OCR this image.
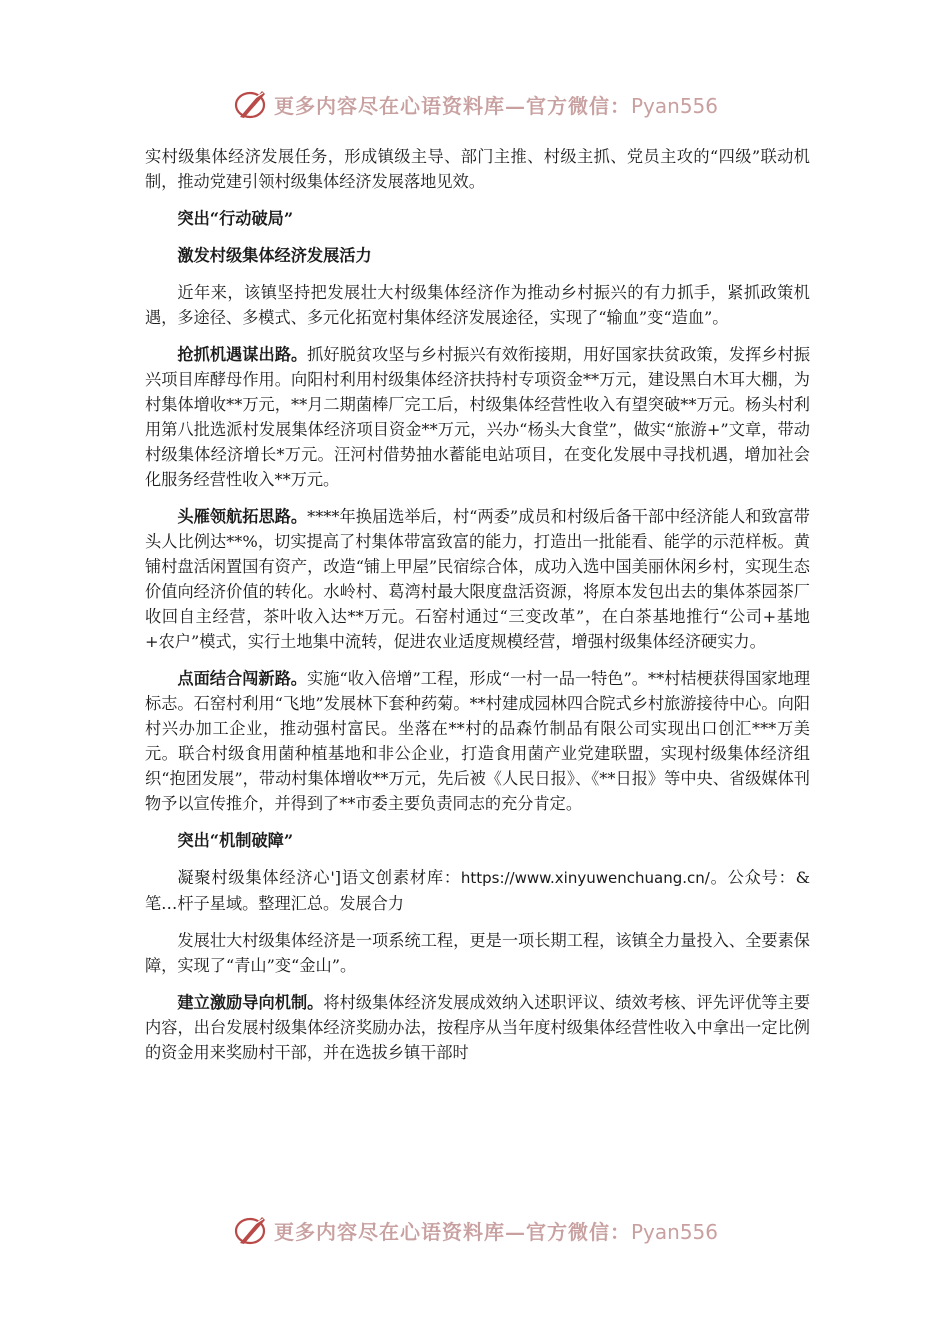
更多内容尽在心语资料库—官方微信：Pyan556

实村级集体经济发展任务，形成镇级主导、部门主推、村级主抓、党员主攻的“四级”联动机制，推动党建引领村级集体经济发展落地见效。

突出“行动破局”

激发村级集体经济发展活力

近年来，该镇坚持把发展壮大村级集体经济作为推动乡村振兴的有力抓手，紧抓政策机遇，多途径、多模式、多元化拓宽村集体经济发展途径，实现了“输血”变“造血”。

抢抓机遇谋出路。抓好脱贫攻坚与乡村振兴有效衔接期，用好国家扶贫政策，发挥乡村振兴项目库酵母作用。向阳村利用村级集体经济扶持村专项资金**万元，建设黑白木耳大棚，为村集体增收**万元，**月二期菌棒厂完工后，村级集体经营性收入有望突破**万元。杨头村利用第八批选派村发展集体经济项目资金**万元，兴办“杨头大食堂”，做实“旅游+”文章，带动村级集体经济增长*万元。汪河村借势抽水蓄能电站项目，在变化发展中寻找机遇，增加社会化服务经营性收入**万元。

头雁领航拓思路。****年换届选举后，村“两委”成员和村级后备干部中经济能人和致富带头人比例达**%，切实提高了村集体带富致富的能力，打造出一批能看、能学的示范样板。黄铺村盘活闲置国有资产，改造“铺上甲屋”民宿综合体，成功入选中国美丽休闲乡村，实现生态价值向经济价值的转化。水岭村、葛湾村最大限度盘活资源，将原本发包出去的集体茶园茶厂收回自主经营，茶叶收入达**万元。石窑村通过“三变改革”，在白茶基地推行“公司+基地+农户”模式，实行土地集中流转，促进农业适度规模经营，增强村级集体经济硬实力。

点面结合闯新路。实施“收入倍增”工程，形成“一村一品一特色”。**村桔梗获得国家地理标志。石窑村利用“飞地”发展林下套种药菊。**村建成园林四合院式乡村旅游接待中心。向阳村兴办加工企业，推动强村富民。坐落在**村的品森竹制品有限公司实现出口创汇***万美元。联合村级食用菌种植基地和非公企业，打造食用菌产业党建联盟，实现村级集体经济组织“抱团发展”，带动村集体增收**万元，先后被《人民日报》、《**日报》等中央、省级媒体刊物予以宣传推介，并得到了**市委主要负责同志的充分肯定。

突出“机制破障”

凝聚村级集体经济心']语文创素材库：https://www.xinyuwenchuang.cn/。公众号：&笔…杆子星域。整理汇总。发展合力

发展壮大村级集体经济是一项系统工程，更是一项长期工程，该镇全力量投入、全要素保障，实现了“青山”变“金山”。

建立激励导向机制。将村级集体经济发展成效纳入述职评议、绩效考核、评先评优等主要内容，出台发展村级集体经济奖励办法，按程序从当年度村级集体经营性收入中拿出一定比例的资金用来奖励村干部，并在选拔乡镇干部时

更多内容尽在心语资料库—官方微信：Pyan556
